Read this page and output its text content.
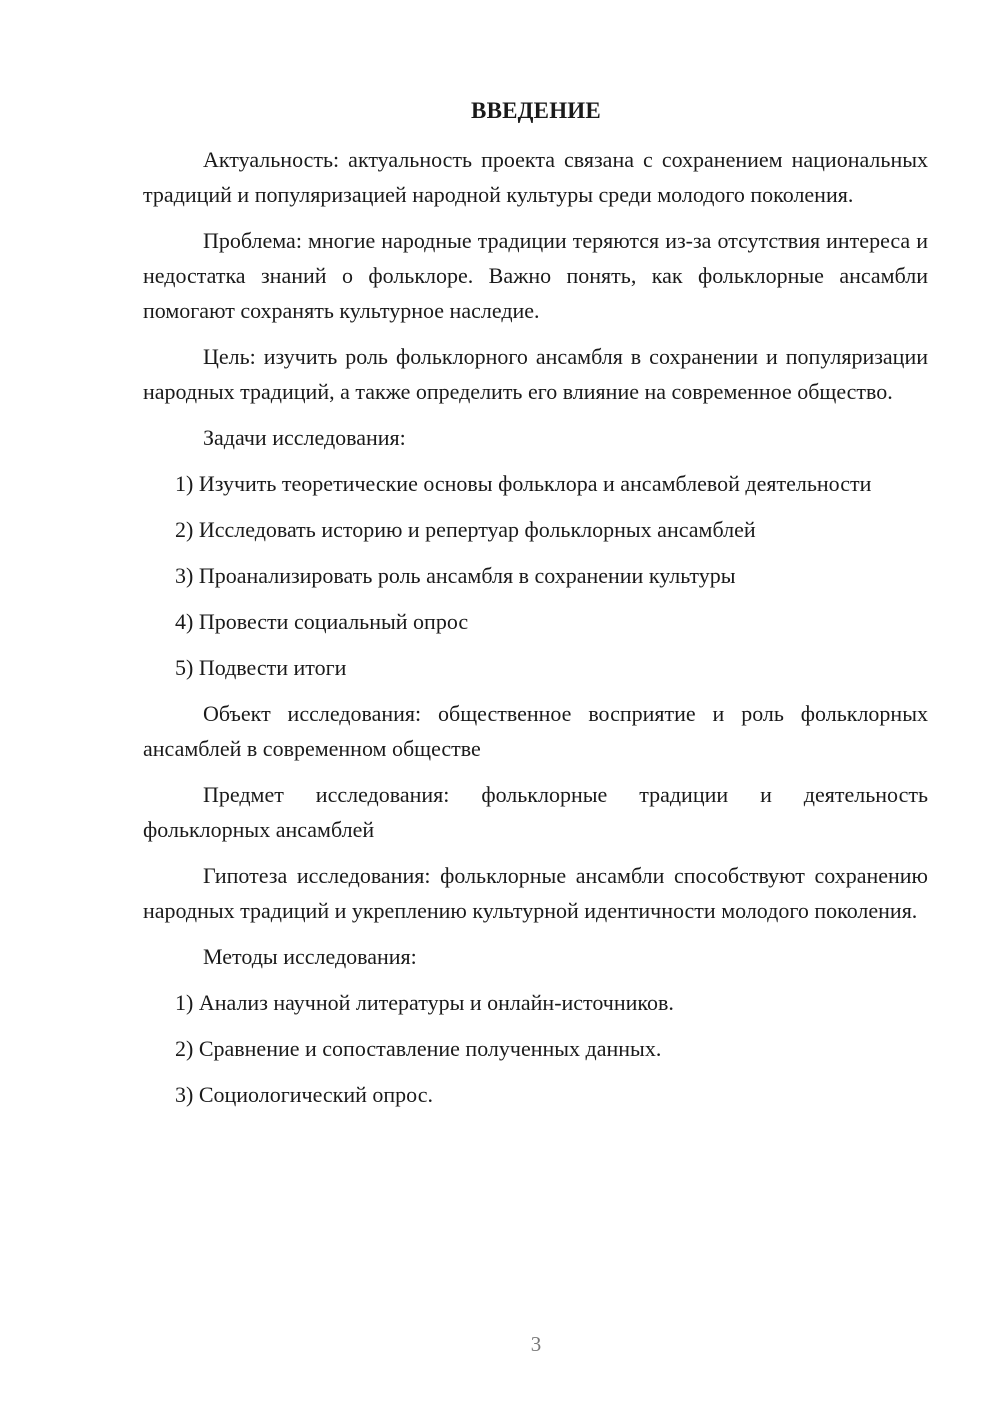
ВВЕДЕНИЕ

Актуальность: актуальность проекта связана с сохранением национальных традиций и популяризацией народной культуры среди молодого поколения.

Проблема: многие народные традиции теряются из-за отсутствия интереса и недостатка знаний о фольклоре. Важно понять, как фольклорные ансамбли помогают сохранять культурное наследие.

Цель: изучить роль фольклорного ансамбля в сохранении и популяризации народных традиций, а также определить его влияние на современное общество.

Задачи исследования:

1) Изучить теоретические основы фольклора и ансамблевой деятельности

2) Исследовать историю и репертуар фольклорных ансамблей

3) Проанализировать роль ансамбля в сохранении культуры

4) Провести социальный опрос

5) Подвести итоги

Объект исследования: общественное восприятие и роль фольклорных ансамблей в современном обществе

Предмет исследования: фольклорные традиции и деятельность фольклорных ансамблей

Гипотеза исследования: фольклорные ансамбли способствуют сохранению народных традиций и укреплению культурной идентичности молодого поколения.

Методы исследования:

1) Анализ научной литературы и онлайн-источников.

2) Сравнение и сопоставление полученных данных.

3) Социологический опрос.

3
